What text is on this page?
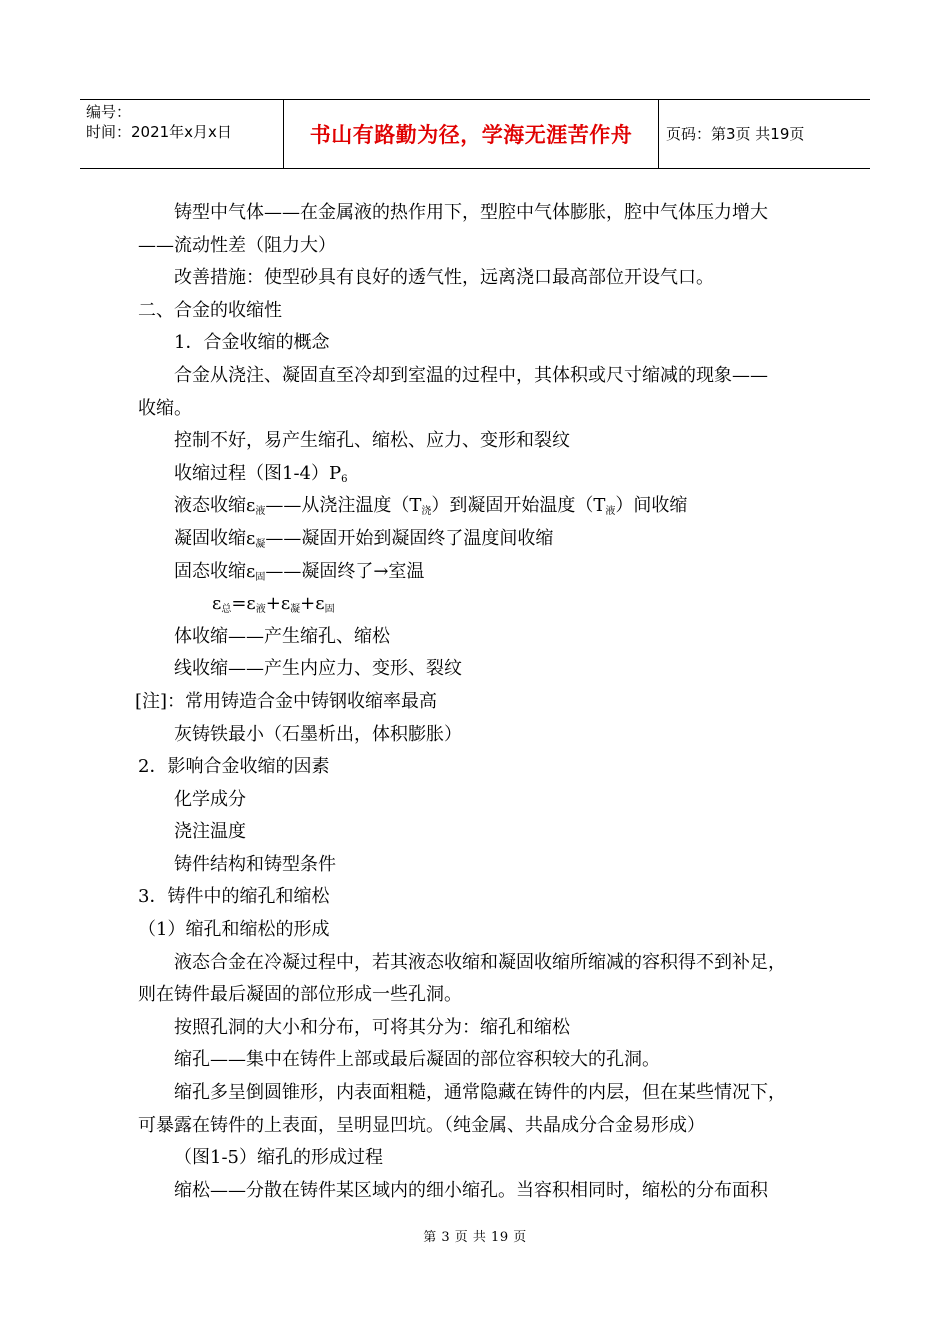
编号：
时间：2021年x月x日	书山有路勤为径，学海无涯苦作舟	页码：第3页 共19页

铸型中气体——在金属液的热作用下，型腔中气体膨胀，腔中气体压力增大

——流动性差（阻力大）

改善措施：使型砂具有良好的透气性，远离浇口最高部位开设气口。

二、合金的收缩性

1．合金收缩的概念

合金从浇注、凝固直至冷却到室温的过程中，其体积或尺寸缩减的现象——

收缩。

控制不好，易产生缩孔、缩松、应力、变形和裂纹

收缩过程（图$1-4)P_6$

液态收缩$\varepsilon_液——$从浇注温度$(T_浇)$到凝固开始温度$(T_液)$间收缩

凝固收缩$\varepsilon_凝——$凝固开始到凝固终了温度间收缩

固态收缩$\varepsilon_固——$凝固终了→室温

$\varepsilon_总=\varepsilon_液+\varepsilon_凝+\varepsilon_固$

体收缩——产生缩孔、缩松

线收缩——产生内应力、变形、裂纹

[注]：常用铸造合金中铸钢收缩率最高

灰铸铁最小（石墨析出，体积膨胀）

2．影响合金收缩的因素

化学成分

浇注温度

铸件结构和铸型条件

3．铸件中的缩孔和缩松

（1）缩孔和缩松的形成

液态合金在冷凝过程中，若其液态收缩和凝固收缩所缩减的容积得不到补足，

则在铸件最后凝固的部位形成一些孔洞。

按照孔洞的大小和分布，可将其分为：缩孔和缩松

缩孔——集中在铸件上部或最后凝固的部位容积较大的孔洞。

缩孔多呈倒圆锥形，内表面粗糙，通常隐藏在铸件的内层，但在某些情况下，

可暴露在铸件的上表面，呈明显凹坑。（纯金属、共晶成分合金易形成）

（图1-5）缩孔的形成过程

缩松——分散在铸件某区域内的细小缩孔。当容积相同时，缩松的分布面积

第 3 页 共 19 页
